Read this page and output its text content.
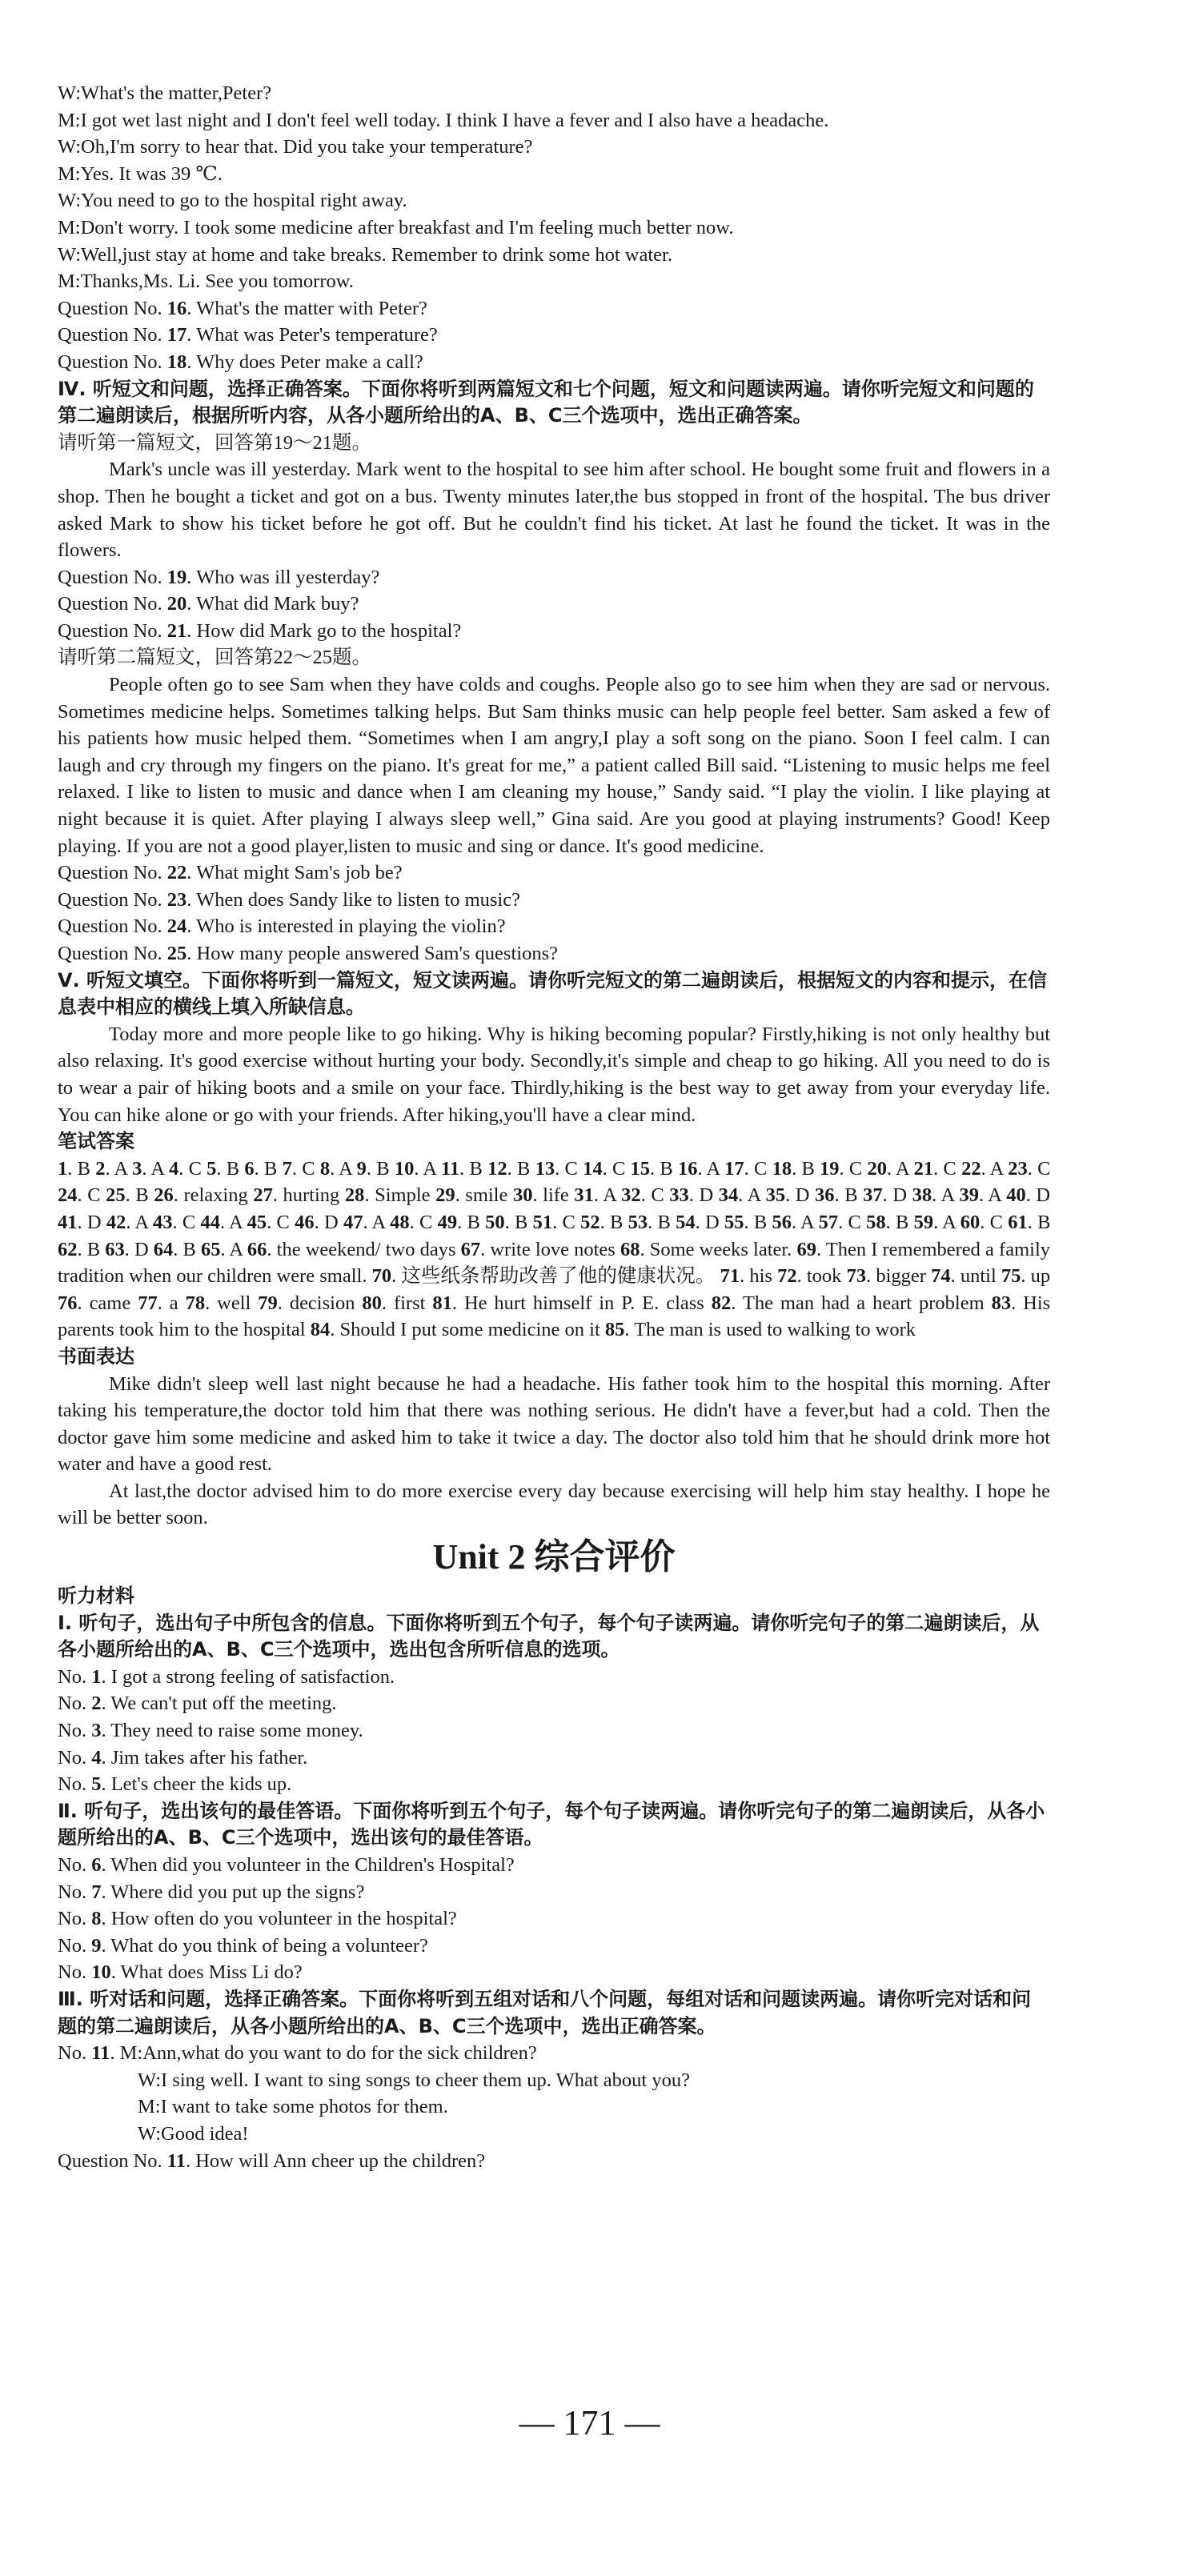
W:What's the matter,Peter?
M:I got wet last night and I don't feel well today. I think I have a fever and I also have a headache.
W:Oh,I'm sorry to hear that. Did you take your temperature?
M:Yes. It was 39 ℃.
W:You need to go to the hospital right away.
M:Don't worry. I took some medicine after breakfast and I'm feeling much better now.
W:Well,just stay at home and take breaks. Remember to drink some hot water.
M:Thanks,Ms. Li. See you tomorrow.
Question No. 16. What's the matter with Peter?
Question No. 17. What was Peter's temperature?
Question No. 18. Why does Peter make a call?
Ⅳ. 听短文和问题，选择正确答案。下面你将听到两篇短文和七个问题，短文和问题读两遍。请你听完短文和问题的第二遍朗读后，根据所听内容，从各小题所给出的A、B、C三个选项中，选出正确答案。
请听第一篇短文，回答第19～21题。
Mark's uncle was ill yesterday. Mark went to the hospital to see him after school. He bought some fruit and flowers in a shop. Then he bought a ticket and got on a bus. Twenty minutes later,the bus stopped in front of the hospital. The bus driver asked Mark to show his ticket before he got off. But he couldn't find his ticket. At last he found the ticket. It was in the flowers.
Question No. 19. Who was ill yesterday?
Question No. 20. What did Mark buy?
Question No. 21. How did Mark go to the hospital?
请听第二篇短文，回答第22～25题。
People often go to see Sam when they have colds and coughs. People also go to see him when they are sad or nervous. Sometimes medicine helps. Sometimes talking helps. But Sam thinks music can help people feel better. Sam asked a few of his patients how music helped them. “Sometimes when I am angry,I play a soft song on the piano. Soon I feel calm. I can laugh and cry through my fingers on the piano. It's great for me,” a patient called Bill said. “Listening to music helps me feel relaxed. I like to listen to music and dance when I am cleaning my house,” Sandy said. “I play the violin. I like playing at night because it is quiet. After playing I always sleep well,” Gina said. Are you good at playing instruments? Good! Keep playing. If you are not a good player,listen to music and sing or dance. It's good medicine.
Question No. 22. What might Sam's job be?
Question No. 23. When does Sandy like to listen to music?
Question No. 24. Who is interested in playing the violin?
Question No. 25. How many people answered Sam's questions?
Ⅴ. 听短文填空。下面你将听到一篇短文，短文读两遍。请你听完短文的第二遍朗读后，根据短文的内容和提示，在信息表中相应的横线上填入所缺信息。
Today more and more people like to go hiking. Why is hiking becoming popular? Firstly,hiking is not only healthy but also relaxing. It's good exercise without hurting your body. Secondly,it's simple and cheap to go hiking. All you need to do is to wear a pair of hiking boots and a smile on your face. Thirdly,hiking is the best way to get away from your everyday life. You can hike alone or go with your friends. After hiking,you'll have a clear mind.
笔试答案
1. B 2. A 3. A 4. C 5. B 6. B 7. C 8. A 9. B 10. A 11. B 12. B 13. C 14. C 15. B 16. A 17. C 18. B 19. C 20. A 21. C 22. A 23. C 24. C 25. B 26. relaxing 27. hurting 28. Simple 29. smile 30. life 31. A 32. C 33. D 34. A 35. D 36. B 37. D 38. A 39. A 40. D 41. D 42. A 43. C 44. A 45. C 46. D 47. A 48. C 49. B 50. B 51. C 52. B 53. B 54. D 55. B 56. A 57. C 58. B 59. A 60. C 61. B 62. B 63. D 64. B 65. A 66. the weekend/ two days 67. write love notes 68. Some weeks later. 69. Then I remembered a family tradition when our children were small. 70. 这些纸条帮助改善了他的健康状况。 71. his 72. took 73. bigger 74. until 75. up 76. came 77. a 78. well 79. decision 80. first 81. He hurt himself in P. E. class 82. The man had a heart problem 83. His parents took him to the hospital 84. Should I put some medicine on it 85. The man is used to walking to work
书面表达
Mike didn't sleep well last night because he had a headache. His father took him to the hospital this morning. After taking his temperature,the doctor told him that there was nothing serious. He didn't have a fever,but had a cold. Then the doctor gave him some medicine and asked him to take it twice a day. The doctor also told him that he should drink more hot water and have a good rest.
At last,the doctor advised him to do more exercise every day because exercising will help him stay healthy. I hope he will be better soon.
Unit 2 综合评价
听力材料
Ⅰ. 听句子，选出句子中所包含的信息。下面你将听到五个句子，每个句子读两遍。请你听完句子的第二遍朗读后，从各小题所给出的A、B、C三个选项中，选出包含所听信息的选项。
No. 1. I got a strong feeling of satisfaction.
No. 2. We can't put off the meeting.
No. 3. They need to raise some money.
No. 4. Jim takes after his father.
No. 5. Let's cheer the kids up.
Ⅱ. 听句子，选出该句的最佳答语。下面你将听到五个句子，每个句子读两遍。请你听完句子的第二遍朗读后，从各小题所给出的A、B、C三个选项中，选出该句的最佳答语。
No. 6. When did you volunteer in the Children's Hospital?
No. 7. Where did you put up the signs?
No. 8. How often do you volunteer in the hospital?
No. 9. What do you think of being a volunteer?
No. 10. What does Miss Li do?
Ⅲ. 听对话和问题，选择正确答案。下面你将听到五组对话和八个问题，每组对话和问题读两遍。请你听完对话和问题的第二遍朗读后，从各小题所给出的A、B、C三个选项中，选出正确答案。
No. 11. M:Ann,what do you want to do for the sick children?
W:I sing well. I want to sing songs to cheer them up. What about you?
M:I want to take some photos for them.
W:Good idea!
Question No. 11. How will Ann cheer up the children?
— 171 —
